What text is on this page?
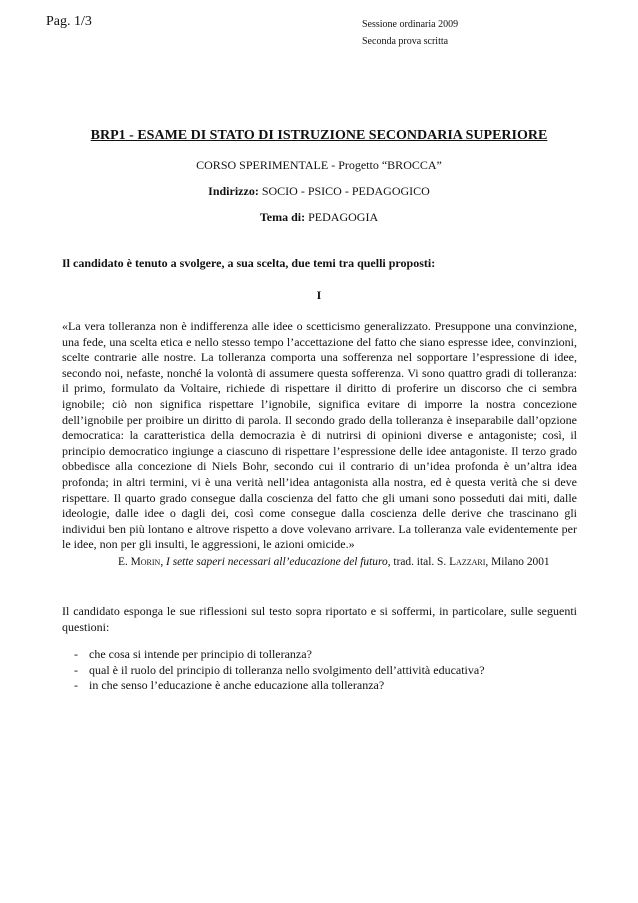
Pag. 1/3	Sessione ordinaria 2009
Seconda prova scritta
BRP1 - ESAME DI STATO DI ISTRUZIONE SECONDARIA SUPERIORE
CORSO SPERIMENTALE - Progetto “BROCCA”
Indirizzo: SOCIO - PSICO - PEDAGOGICO
Tema di: PEDAGOGIA
Il candidato è tenuto a svolgere, a sua scelta, due temi tra quelli proposti:
I

«La vera tolleranza non è indifferenza alle idee o scetticismo generalizzato. Presuppone una convinzione, una fede, una scelta etica e nello stesso tempo l’accettazione del fatto che siano espresse idee, convinzioni, scelte contrarie alle nostre. La tolleranza comporta una sofferenza nel sopportare l’espressione di idee, secondo noi, nefaste, nonché la volontà di assumere questa sofferenza. Vi sono quattro gradi di tolleranza: il primo, formulato da Voltaire, richiede di rispettare il diritto di proferire un discorso che ci sembra ignobile; ciò non significa rispettare l’ignobile, significa evitare di imporre la nostra concezione dell’ignobile per proibire un diritto di parola. Il secondo grado della tolleranza è inseparabile dall’opzione democratica: la caratteristica della democrazia è di nutrirsi di opinioni diverse e antagoniste; così, il principio democratico ingiunge a ciascuno di rispettare l’espressione delle idee antagoniste. Il terzo grado obbedisce alla concezione di Niels Bohr, secondo cui il contrario di un’idea profonda è un’altra idea profonda; in altri termini, vi è una verità nell’idea antagonista alla nostra, ed è questa verità che si deve rispettare. Il quarto grado consegue dalla coscienza del fatto che gli umani sono posseduti dai miti, dalle ideologie, dalle idee o dagli dei, così come consegue dalla coscienza delle derive che trascinano gli individui ben più lontano e altrove rispetto a dove volevano arrivare. La tolleranza vale evidentemente per le idee, non per gli insulti, le aggressioni, le azioni omicide.»

E. Morin, I sette saperi necessari all’educazione del futuro, trad. ital. S. Lazzari, Milano 2001

Il candidato esponga le sue riflessioni sul testo sopra riportato e si soffermi, in particolare, sulle seguenti questioni:

- che cosa si intende per principio di tolleranza?
- qual è il ruolo del principio di tolleranza nello svolgimento dell’attività educativa?
- in che senso l’educazione è anche educazione alla tolleranza?
